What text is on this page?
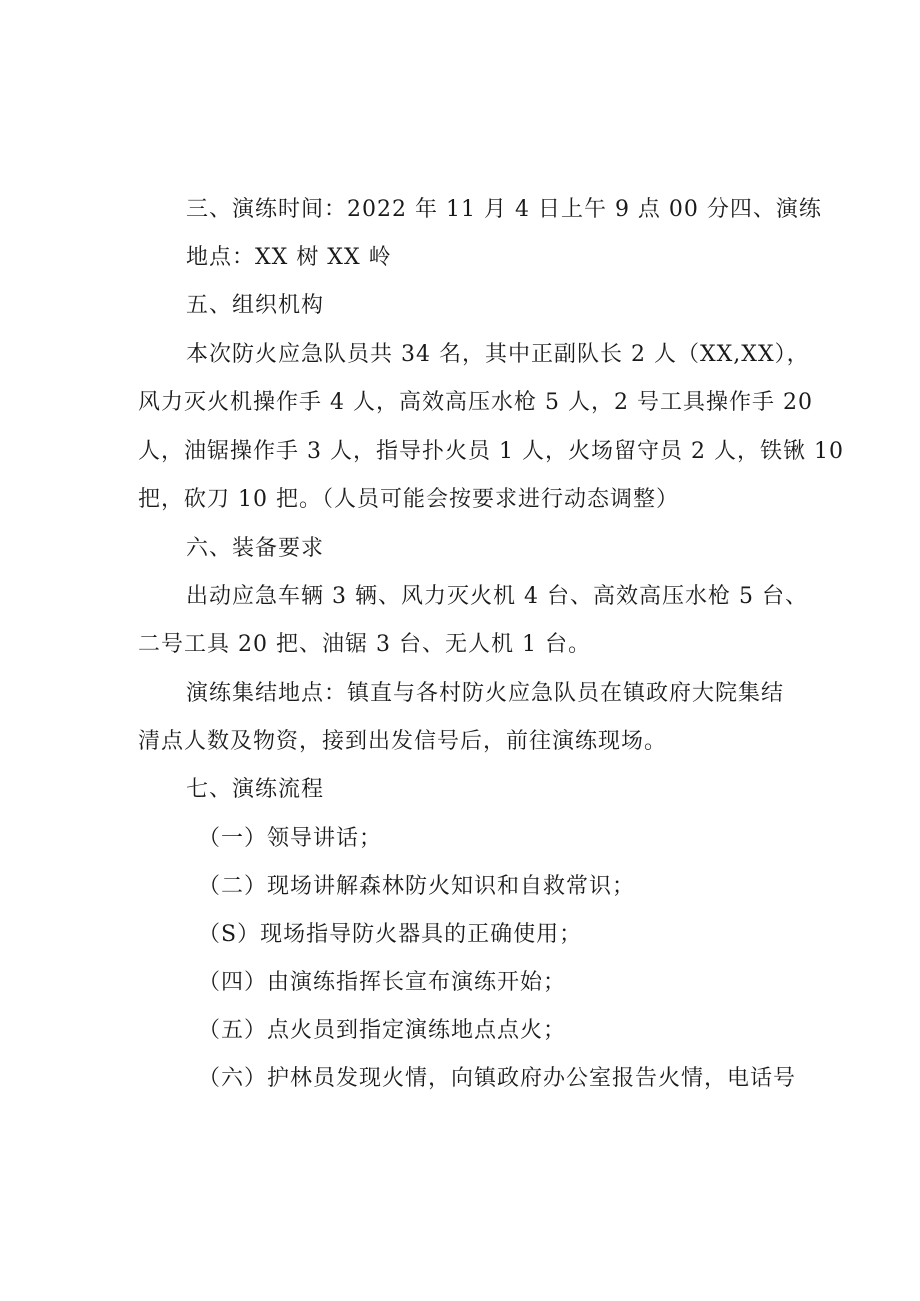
三、演练时间：2022 年 11 月 4 日上午 9 点 00 分四、演练
地点：XX 树 XX 岭
五、组织机构
本次防火应急队员共 34 名，其中正副队长 2 人（XX,XX），
风力灭火机操作手 4 人，高效高压水枪 5 人，2 号工具操作手 20
人，油锯操作手 3 人，指导扑火员 1 人，火场留守员 2 人，铁锹 10
把，砍刀 10 把。（人员可能会按要求进行动态调整）
六、装备要求
出动应急车辆 3 辆、风力灭火机 4 台、高效高压水枪 5 台、
二号工具 20 把、油锯 3 台、无人机 1 台。
演练集结地点：镇直与各村防火应急队员在镇政府大院集结
清点人数及物资，接到出发信号后，前往演练现场。
七、演练流程
（一）领导讲话；
（二）现场讲解森林防火知识和自救常识；
（S）现场指导防火器具的正确使用；
（四）由演练指挥长宣布演练开始；
（五）点火员到指定演练地点点火；
（六）护林员发现火情，向镇政府办公室报告火情，电话号
